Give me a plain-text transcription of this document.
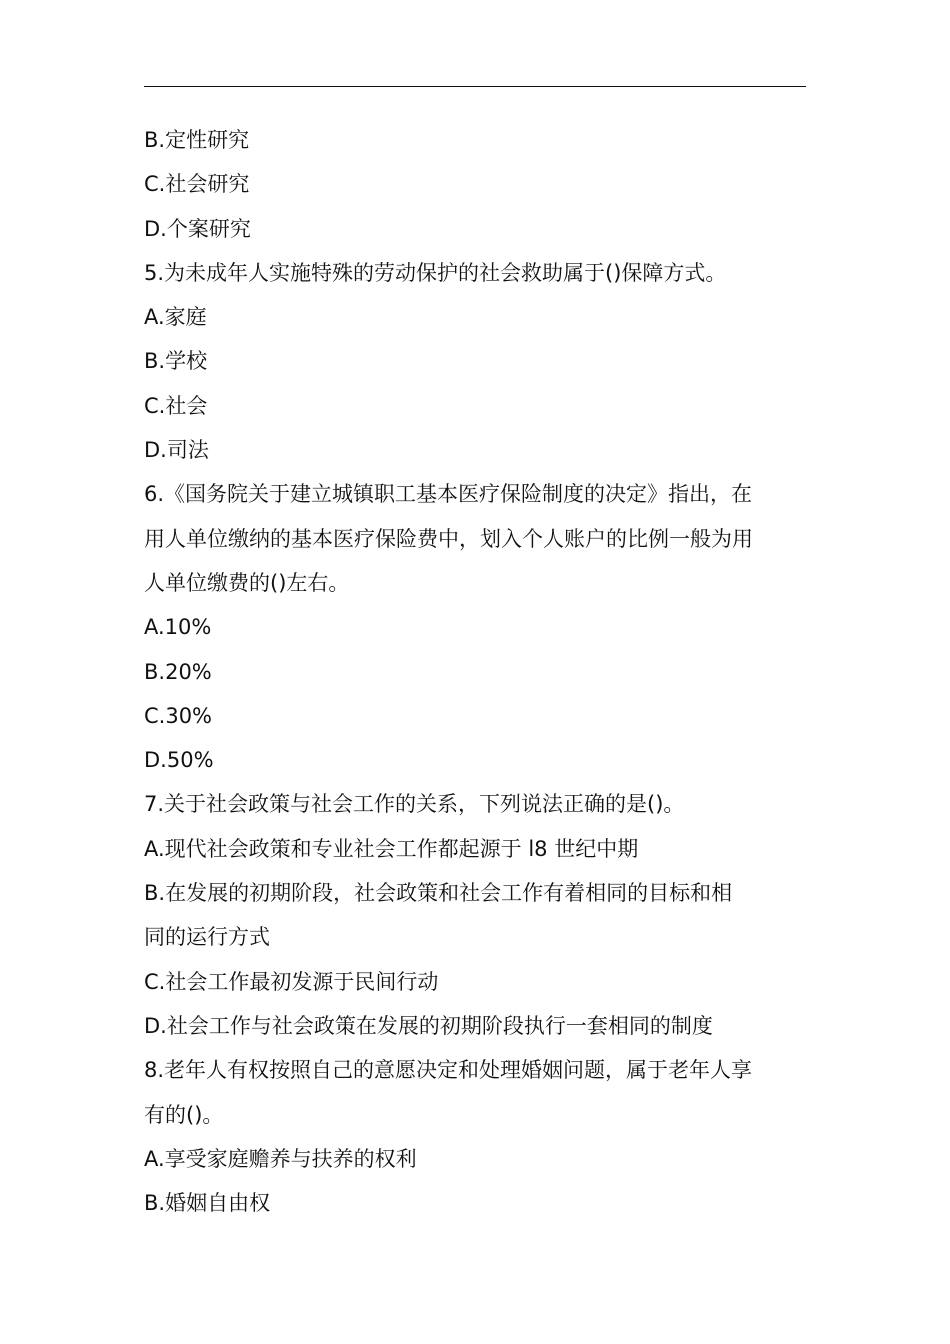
B.定性研究
C.社会研究
D.个案研究
5.为未成年人实施特殊的劳动保护的社会救助属于()保障方式。
A.家庭
B.学校
C.社会
D.司法
6.《国务院关于建立城镇职工基本医疗保险制度的决定》指出，在
用人单位缴纳的基本医疗保险费中，划入个人账户的比例一般为用
人单位缴费的()左右。
A.10%
B.20%
C.30%
D.50%
7.关于社会政策与社会工作的关系，下列说法正确的是()。
A.现代社会政策和专业社会工作都起源于 l8 世纪中期
B.在发展的初期阶段，社会政策和社会工作有着相同的目标和相
同的运行方式
C.社会工作最初发源于民间行动
D.社会工作与社会政策在发展的初期阶段执行一套相同的制度
8.老年人有权按照自己的意愿决定和处理婚姻问题，属于老年人享
有的()。
A.享受家庭赡养与扶养的权利
B.婚姻自由权
